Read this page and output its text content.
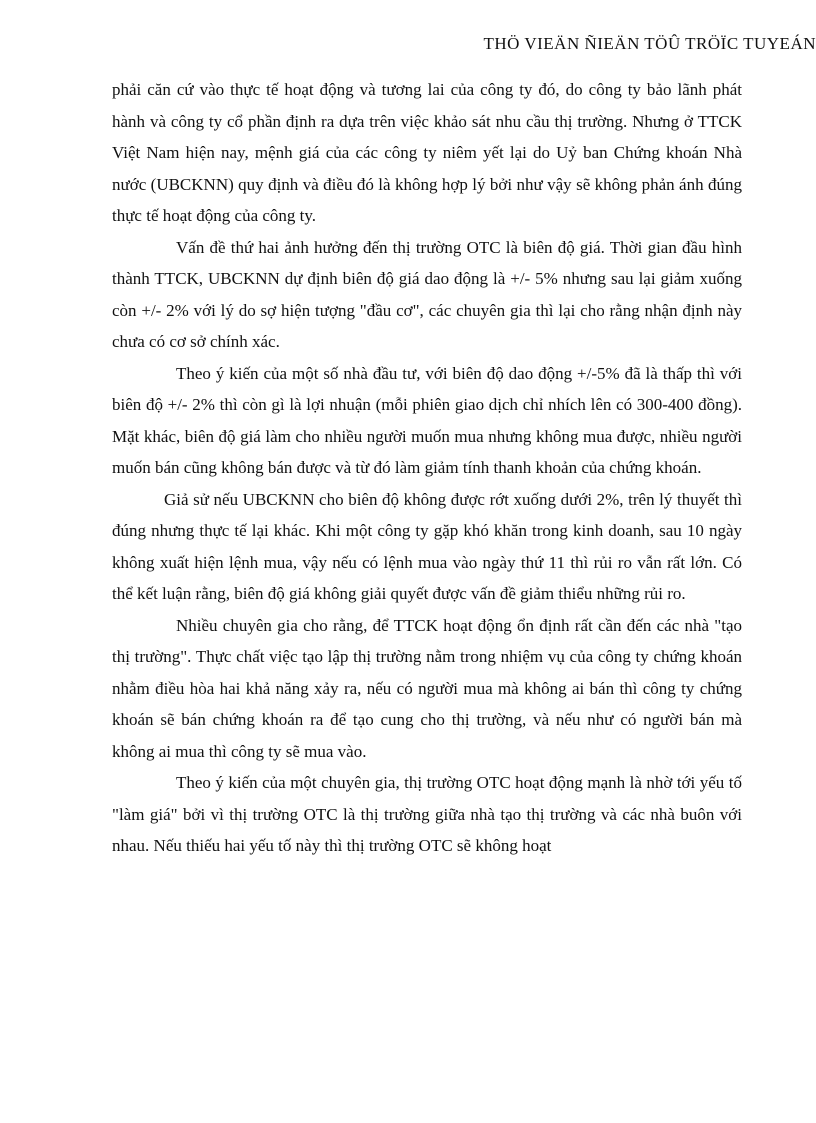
THÖ VIEÄN ÑIEÄN TÖÛ TRÖÏC TUYEÁN

phải căn cứ vào thực tế hoạt động và tương lai của công ty đó, do công ty bảo lãnh phát hành và công ty cổ phần định ra dựa trên việc khảo sát nhu cầu thị trường. Nhưng ở TTCK Việt Nam hiện nay, mệnh giá của các công ty niêm yết lại do Uỷ ban Chứng khoán Nhà nước (UBCKNN) quy định và điều đó là không hợp lý bởi như vậy sẽ không phản ánh đúng thực tế hoạt động của công ty.

Vấn đề thứ hai ảnh hưởng đến thị trường OTC là biên độ giá. Thời gian đầu hình thành TTCK, UBCKNN dự định biên độ giá dao động là +/- 5% nhưng sau lại giảm xuống còn +/- 2% với lý do sợ hiện tượng "đầu cơ", các chuyên gia thì lại cho rằng nhận định này chưa có cơ sở chính xác.

Theo ý kiến của một số nhà đầu tư, với biên độ dao động +/-5% đã là thấp thì với biên độ +/- 2% thì còn gì là lợi nhuận (mỗi phiên giao dịch chỉ nhích lên có 300-400 đồng). Mặt khác, biên độ giá làm cho nhiều người muốn mua nhưng không mua được, nhiều người muốn bán cũng không bán được và từ đó làm giảm tính thanh khoản của chứng khoán.

Giả sử nếu UBCKNN cho biên độ không được rớt xuống dưới 2%, trên lý thuyết thì đúng nhưng thực tế lại khác. Khi một công ty gặp khó khăn trong kinh doanh, sau 10 ngày không xuất hiện lệnh mua, vậy nếu có lệnh mua vào ngày thứ 11 thì rủi ro vẫn rất lớn. Có thể kết luận rằng, biên độ giá không giải quyết được vấn đề giảm thiểu những rủi ro.

Nhiều chuyên gia cho rằng, để TTCK hoạt động ổn định rất cần đến các nhà "tạo thị trường". Thực chất việc tạo lập thị trường nằm trong nhiệm vụ của công ty chứng khoán nhằm điều hòa hai khả năng xảy ra, nếu có người mua mà không ai bán thì công ty chứng khoán sẽ bán chứng khoán ra để tạo cung cho thị trường, và nếu như có người bán mà không ai mua thì công ty sẽ mua vào.

Theo ý kiến của một chuyên gia, thị trường OTC hoạt động mạnh là nhờ tới yếu tố "làm giá" bởi vì thị trường OTC là thị trường giữa nhà tạo thị trường và các nhà buôn với nhau. Nếu thiếu hai yếu tố này thì thị trường OTC sẽ không hoạt
